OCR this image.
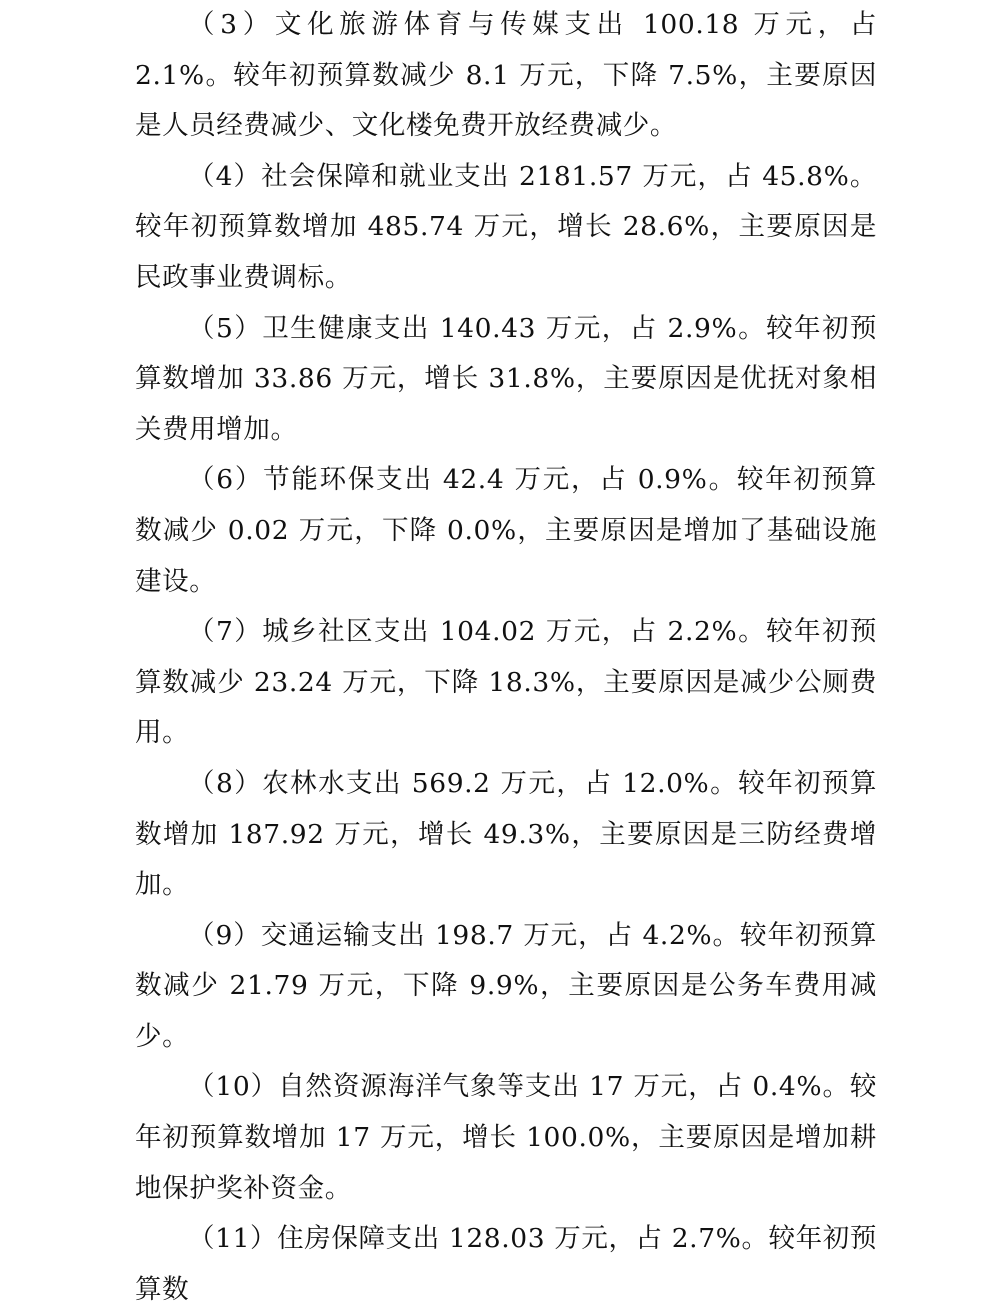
（3）文化旅游体育与传媒支出 100.18 万元，占 2.1%。较年初预算数减少 8.1 万元，下降 7.5%，主要原因是人员经费减少、文化楼免费开放经费减少。

（4）社会保障和就业支出 2181.57 万元，占 45.8%。较年初预算数增加 485.74 万元，增长 28.6%，主要原因是民政事业费调标。

（5）卫生健康支出 140.43 万元，占 2.9%。较年初预算数增加 33.86 万元，增长 31.8%，主要原因是优抚对象相关费用增加。

（6）节能环保支出 42.4 万元，占 0.9%。较年初预算数减少 0.02 万元，下降 0.0%，主要原因是增加了基础设施建设。

（7）城乡社区支出 104.02 万元，占 2.2%。较年初预算数减少 23.24 万元，下降 18.3%，主要原因是减少公厕费用。

（8）农林水支出 569.2 万元，占 12.0%。较年初预算数增加 187.92 万元，增长 49.3%，主要原因是三防经费增加。

（9）交通运输支出 198.7 万元，占 4.2%。较年初预算数减少 21.79 万元，下降 9.9%，主要原因是公务车费用减少。

（10）自然资源海洋气象等支出 17 万元，占 0.4%。较年初预算数增加 17 万元，增长 100.0%，主要原因是增加耕地保护奖补资金。

（11）住房保障支出 128.03 万元，占 2.7%。较年初预算数
